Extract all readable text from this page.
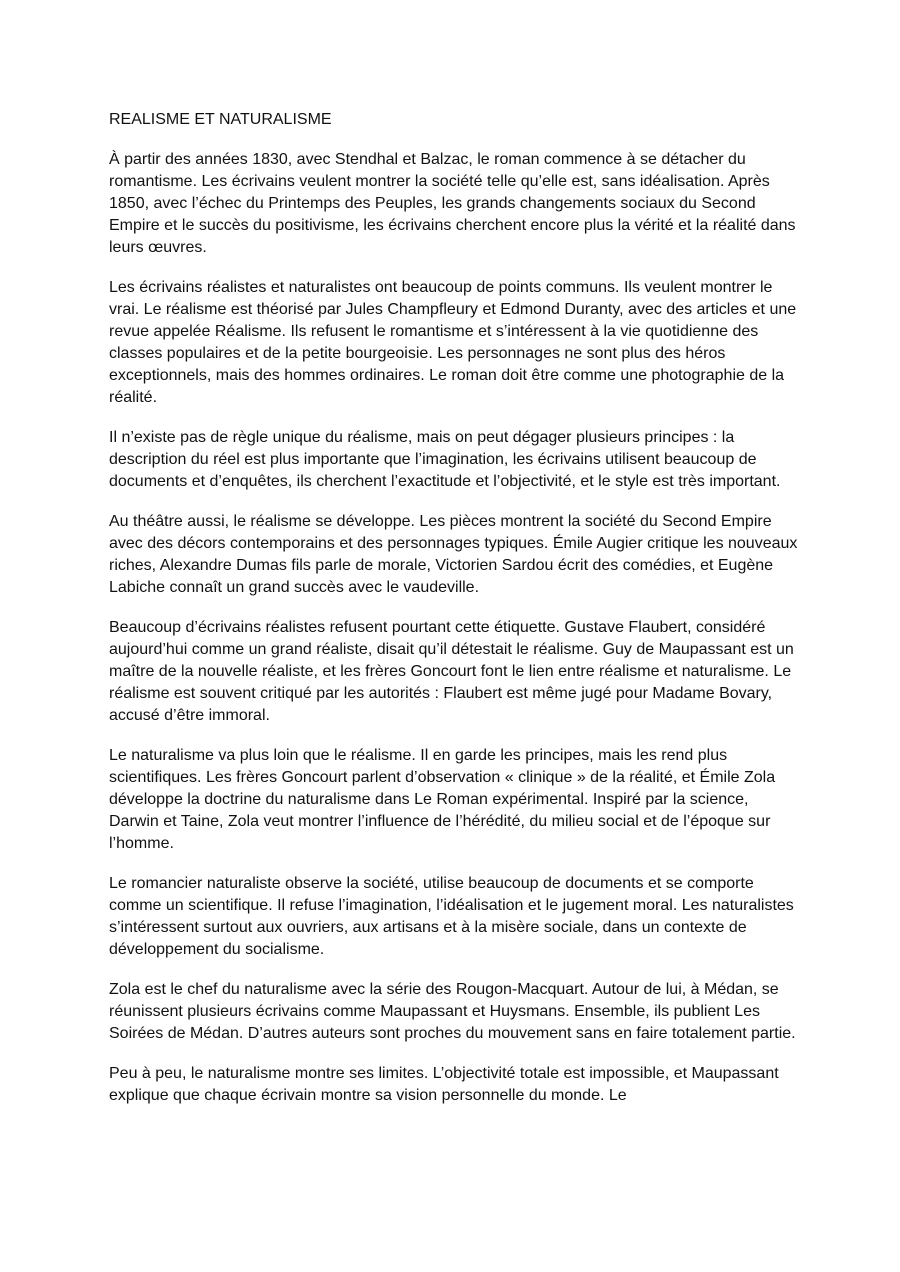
REALISME ET NATURALISME

À partir des années 1830, avec Stendhal et Balzac, le roman commence à se détacher du romantisme. Les écrivains veulent montrer la société telle qu’elle est, sans idéalisation. Après 1850, avec l’échec du Printemps des Peuples, les grands changements sociaux du Second Empire et le succès du positivisme, les écrivains cherchent encore plus la vérité et la réalité dans leurs œuvres.

Les écrivains réalistes et naturalistes ont beaucoup de points communs. Ils veulent montrer le vrai. Le réalisme est théorisé par Jules Champfleury et Edmond Duranty, avec des articles et une revue appelée Réalisme. Ils refusent le romantisme et s’intéressent à la vie quotidienne des classes populaires et de la petite bourgeoisie. Les personnages ne sont plus des héros exceptionnels, mais des hommes ordinaires. Le roman doit être comme une photographie de la réalité.

Il n’existe pas de règle unique du réalisme, mais on peut dégager plusieurs principes : la description du réel est plus importante que l’imagination, les écrivains utilisent beaucoup de documents et d’enquêtes, ils cherchent l’exactitude et l’objectivité, et le style est très important.

Au théâtre aussi, le réalisme se développe. Les pièces montrent la société du Second Empire avec des décors contemporains et des personnages typiques. Émile Augier critique les nouveaux riches, Alexandre Dumas fils parle de morale, Victorien Sardou écrit des comédies, et Eugène Labiche connaît un grand succès avec le vaudeville.

Beaucoup d’écrivains réalistes refusent pourtant cette étiquette. Gustave Flaubert, considéré aujourd’hui comme un grand réaliste, disait qu’il détestait le réalisme. Guy de Maupassant est un maître de la nouvelle réaliste, et les frères Goncourt font le lien entre réalisme et naturalisme. Le réalisme est souvent critiqué par les autorités : Flaubert est même jugé pour Madame Bovary, accusé d’être immoral.

Le naturalisme va plus loin que le réalisme. Il en garde les principes, mais les rend plus scientifiques. Les frères Goncourt parlent d’observation « clinique » de la réalité, et Émile Zola développe la doctrine du naturalisme dans Le Roman expérimental. Inspiré par la science, Darwin et Taine, Zola veut montrer l’influence de l’hérédité, du milieu social et de l’époque sur l’homme.

Le romancier naturaliste observe la société, utilise beaucoup de documents et se comporte comme un scientifique. Il refuse l’imagination, l’idéalisation et le jugement moral. Les naturalistes s’intéressent surtout aux ouvriers, aux artisans et à la misère sociale, dans un contexte de développement du socialisme.

Zola est le chef du naturalisme avec la série des Rougon-Macquart. Autour de lui, à Médan, se réunissent plusieurs écrivains comme Maupassant et Huysmans. Ensemble, ils publient Les Soirées de Médan. D’autres auteurs sont proches du mouvement sans en faire totalement partie.

Peu à peu, le naturalisme montre ses limites. L’objectivité totale est impossible, et Maupassant explique que chaque écrivain montre sa vision personnelle du monde. Le
